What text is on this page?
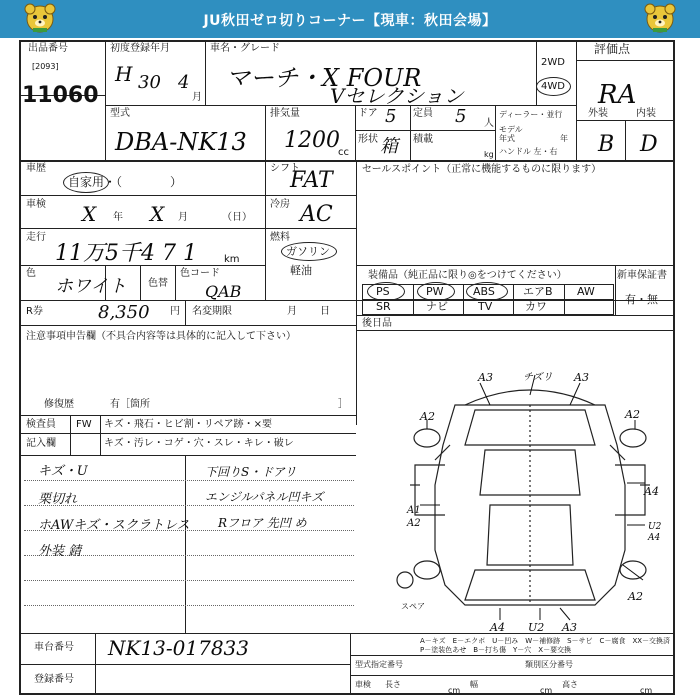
JU秋田ゼロ切りコーナー【現車：秋田会場】
出品番号
[2093]
11060
初度登録年月
H 30 4
月
車名・グレード
マーチ・X FOUR
Vセレクション
2WD
4WD
評価点
RA
外装	内装
B D
型式
DBA-NK13
排気量
1200
cc
ドア 5 定員 5 人
形状 箱 積載
kg
ディーラー・並行
モデル
年式	年
ハンドル 左・右
車歴
自家用・（　　　　）
シフト
FAT
車検 X 年 X 月	（日）
冷房 AC
走行
11万5千4 7 1	km
燃料
ガソリン
軽油
色
ホワイト 色替
色コード
QAB
R券	8,350 円 名変期限	月 日
注意事項申告欄（不具合内容等は具体的に記入して下さい）
修復歴	有［箇所	］
検査員
記入欄
FW キズ・飛石・ヒビ割・リペア跡・×要
キズ・汚レ・コゲ・穴・スレ・キレ・破レ
キズ・U
栗切れ
ホAWキズ・スクラトレス
外装 錆
下回りS・ドアリ
エンジルパネル凹キズ
Rフロア 先凹 め
セールスポイント（正常に機能するものに限ります）
装備品（純正品に限り◎をつけてください）	新車保証書
有・無
PS	PW	ABS	エアB AW
SR	ナビ	TV	カワ
後日品
A3	チズリ A3
A2	A2
A4
A1
U2
A4
A2
A2
スペア
A4 U2 A3
A－キズ　E－エクボ　U－凹み　W－補修跡　S－サビ　C－腐食　XX－交換済
P－塗装色あせ　B－打ち傷　Y－穴　X－要交換
車台番号 NK13-017833
登録番号
型式指定番号	類別区分番号
車検 長さ
cm
幅
cm
高さ
cm
